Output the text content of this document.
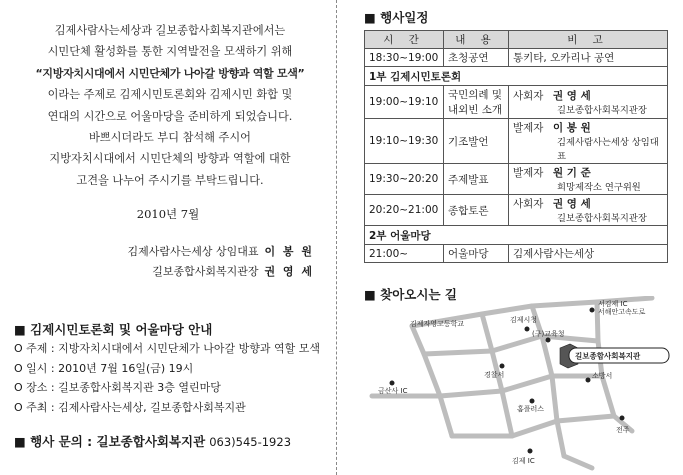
김제사람사는세상과 길보종합사회복지관에서는
시민단체 활성화를 통한 지역발전을 모색하기 위해
“지방자치시대에서 시민단체가 나아갈 방향과 역할 모색”
이라는 주제로 김제시민토론회와 김제시민 화합 및
연대의 시간으로 어울마당을 준비하게 되었습니다.
바쁘시더라도 부디 참석해 주시어
지방자치시대에서 시민단체의 방향과 역할에 대한
고견을 나누어 주시기를 부탁드립니다.
2010년 7월
김제사람사는세상 상임대표 이 봉 원
길보종합사회복지관장 권 영 세
■ 김제시민토론회 및 어울마당 안내
O 주제 : 지방자치시대에서 시민단체가 나아갈 방향과 역할 모색
O 일시 : 2010년 7월 16일(금) 19시
O 장소 : 길보종합사회복지관 3층 열린마당
O 주최 : 김제사람사는세상, 길보종합사회복지관
■ 행사 문의 : 길보종합사회복지관 063)545-1923
■ 행사일정
시 간	내 용	비 고
18:30~19:00	초청공연	통키타, 오카리나 공연
1부 김제시민토론회		
19:00~19:10	국민의례 및
내외빈 소개	사회자 권 영 세
길보종합사회복지관장

19:10~19:30	기조발언	발제자 이 봉 원
김제사람사는세상 상임대표

19:30~20:20	주제발표	발제자 원 기 준
희망제작소 연구위원

20:20~21:00	종합토론	사회자 권 영 세
길보종합사회복지관장

2부 어울마당		
21:00~	어울마당	김제사람사는세상
■ 찾아오시는 길
길보종합사회복지관
서김제 IC
서해안고속도로
김제자영고등학교	김제시청
(구)교육청
경찰서	소방서
금산사 IC
홈플러스
전주
김제 IC
